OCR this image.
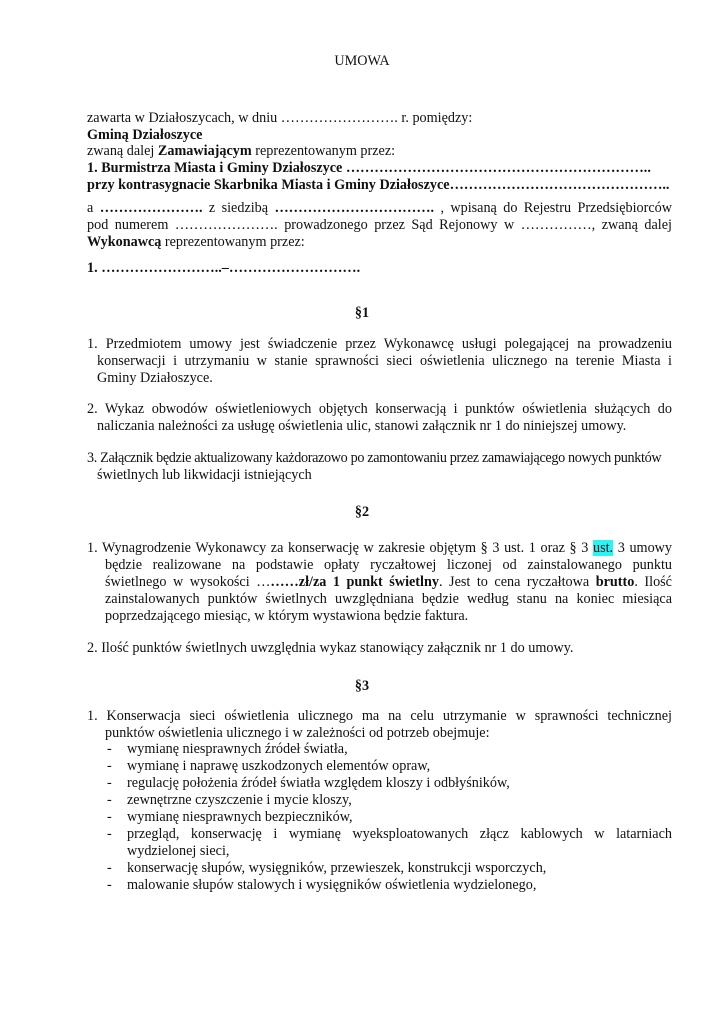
UMOWA
zawarta w Działoszycach, w dniu ……………………. r. pomiędzy:
Gminą Działoszyce
zwaną dalej Zamawiającym reprezentowanym przez:
1. Burmistrza Miasta i Gminy Działoszyce ………………………………………………………..
przy kontrasygnacie Skarbnika Miasta i Gminy Działoszyce………………………………………..
a …………………. z siedzibą ……………………………. , wpisaną do Rejestru Przedsiębiorców
pod numerem …………………. prowadzonego przez Sąd Rejonowy w ……………, zwaną dalej
Wykonawcą reprezentowanym przez:
1. ……………………..–……………………….
§1
1. Przedmiotem umowy jest świadczenie przez Wykonawcę usługi polegającej na prowadzeniu
konserwacji i utrzymaniu w stanie sprawności sieci oświetlenia ulicznego na terenie Miasta i
Gminy Działoszyce.
2. Wykaz obwodów oświetleniowych objętych konserwacją i punktów oświetlenia służących do
naliczania należności za usługę oświetlenia ulic, stanowi załącznik nr 1 do niniejszej umowy.
3. Załącznik będzie aktualizowany każdorazowo po zamontowaniu przez zamawiającego nowych punktów
świetlnych lub likwidacji istniejących
§2
1. Wynagrodzenie Wykonawcy za konserwację w zakresie objętym § 3 ust. 1 oraz § 3 ust. 3 umowy
będzie realizowane na podstawie opłaty ryczałtowej liczonej od zainstalowanego punktu
świetlnego w wysokości ………zł/za 1 punkt świetlny. Jest to cena ryczałtowa brutto. Ilość
zainstalowanych punktów świetlnych uwzględniana będzie według stanu na koniec miesiąca
poprzedzającego miesiąc, w którym wystawiona będzie faktura.
2. Ilość punktów świetlnych uwzględnia wykaz stanowiący załącznik nr 1 do umowy.
§3
1. Konserwacja sieci oświetlenia ulicznego ma na celu utrzymanie w sprawności technicznej
punktów oświetlenia ulicznego i w zależności od potrzeb obejmuje:
- wymianę niesprawnych źródeł światła,
- wymianę i naprawę uszkodzonych elementów opraw,
- regulację położenia źródeł światła względem kloszy i odbłyśników,
- zewnętrzne czyszczenie i mycie kloszy,
- wymianę niesprawnych bezpieczników,
- przegląd, konserwację i wymianę wyeksploatowanych złącz kablowych w latarniach
wydzielonej sieci,
- konserwację słupów, wysięgników, przewieszek, konstrukcji wsporczych,
- malowanie słupów stalowych i wysięgników oświetlenia wydzielonego,
